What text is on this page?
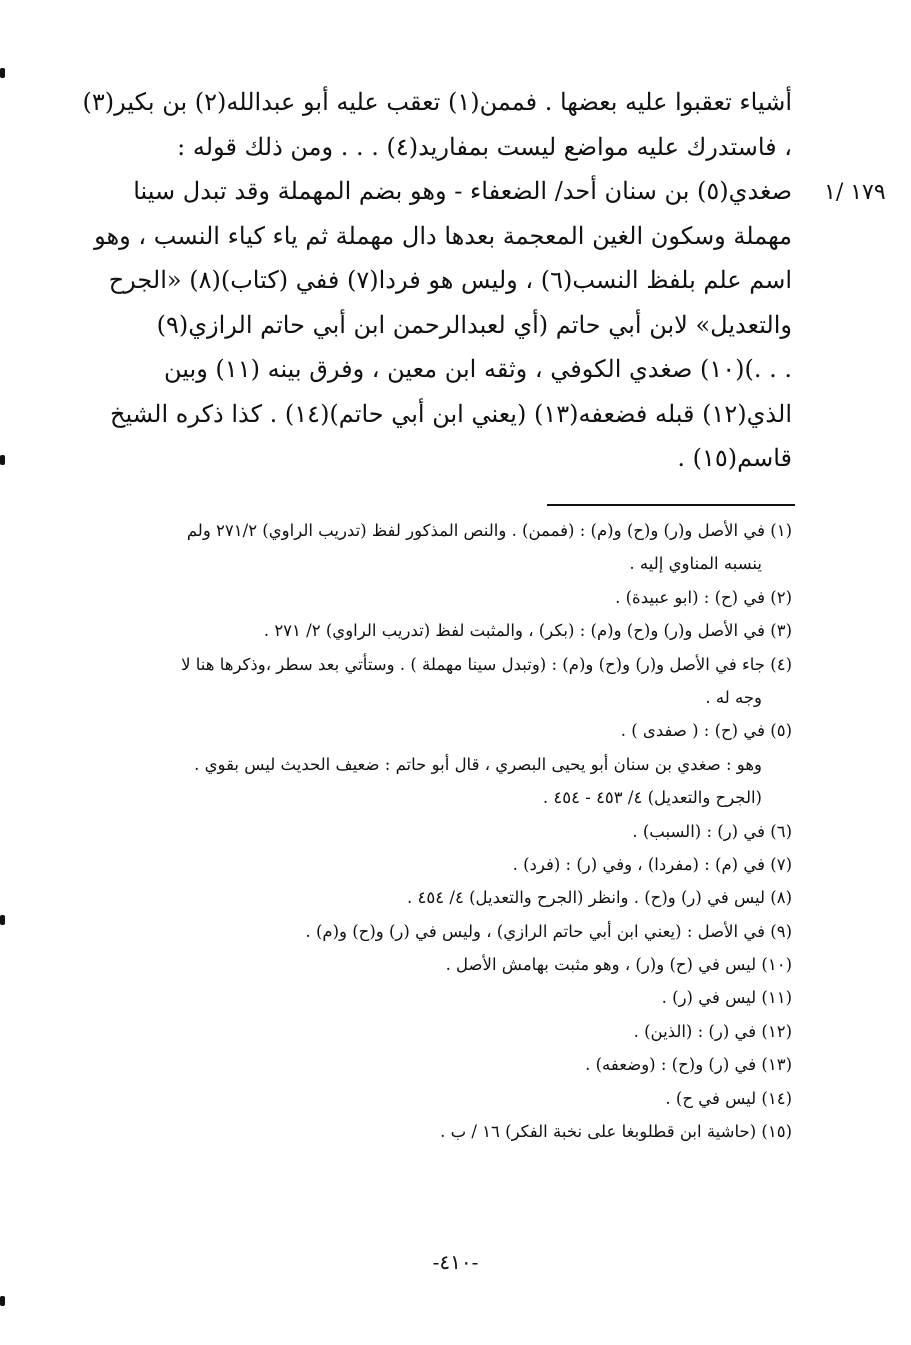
١٧٩ /١
أشياء تعقبوا عليه بعضها . فممن(١) تعقب عليه أبو عبدالله(٢) بن بكير(٣)
، فاستدرك عليه مواضع ليست بمفاريد(٤) . . . ومن ذلك قوله :
صغدي(٥) بن سنان أحد/ الضعفاء - وهو بضم المهملة وقد تبدل سينا
مهملة وسكون الغين المعجمة بعدها دال مهملة ثم ياء كياء النسب ، وهو
اسم علم بلفظ النسب(٦) ، وليس هو فردا(٧) ففي (كتاب)(٨) «الجرح
والتعديل» لابن أبي حاتم (أي لعبدالرحمن ابن أبي حاتم الرازي(٩)
. . .)(١٠) صغدي الكوفي ، وثقه ابن معين ، وفرق بينه (١١) وبين
الذي(١٢) قبله فضعفه(١٣) (يعني ابن أبي حاتم)(١٤) . كذا ذكره الشيخ
قاسم(١٥) .
(١) في الأصل و(ر) و(ح) و(م) : (فممن) . والنص المذكور لفظ (تدريب الراوي) ٢٧١/٢ ولم
ينسبه المناوي إليه .
(٢) في (ح) : (ابو عبيدة) .
(٣) في الأصل و(ر) و(ح) و(م) : (بكر) ، والمثبت لفظ (تدريب الراوي) ٢/ ٢٧١ .
(٤) جاء في الأصل و(ر) و(ح) و(م) : (وتبدل سينا مهملة ) . وستأتي بعد سطر ،وذكرها هنا لا
وجه له .
(٥) في (ح) : ( صفدى ) .
وهو : صغدي بن سنان أبو يحيى البصري ، قال أبو حاتم : ضعيف الحديث ليس بقوي .
(الجرح والتعديل) ٤/ ٤٥٣ - ٤٥٤ .
(٦) في (ر) : (السبب) .
(٧) في (م) : (مفردا) ، وفي (ر) : (فرد) .
(٨) ليس في (ر) و(ح) . وانظر (الجرح والتعديل) ٤/ ٤٥٤ .
(٩) في الأصل : (يعني ابن أبي حاتم الرازي) ، وليس في (ر) و(ح) و(م) .
(١٠) ليس في (ح) و(ر) ، وهو مثبت بهامش الأصل .
(١١) ليس في (ر) .
(١٢) في (ر) : (الذين) .
(١٣) في (ر) و(ح) : (وضعفه) .
(١٤) ليس في ح) .
(١٥) (حاشية ابن قطلوبغا على نخبة الفكر) ١٦ / ب .
-٤١٠-
